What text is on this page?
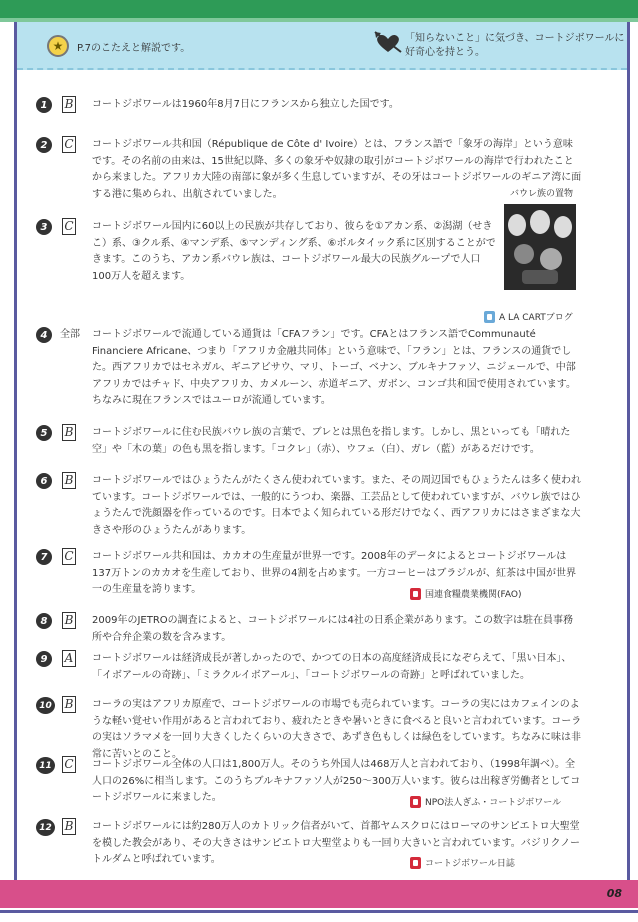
★	P.7のこたえと解説です。
「知らないこと」に気づき、コートジボワールに好奇心を持とう。
1	B コートジボワールは1960年8月7日にフランスから独立した国です。
2	C コートジボワール共和国（République de Côte d' Ivoire）とは、フランス語で「象牙の海岸」という意味です。その名前の由来は、15世紀以降、多くの象牙や奴隷の取引がコートジボワールの海岸で行われたことから来ました。アフリカ大陸の南部に象が多く生息していますが、その牙はコートジボワールのギニア湾に面する港に集められ、出航されていました。	バウレ族の置物
3	C コートジボワール国内に60以上の民族が共存しており、彼らを①アカン系、②潟湖（せきこ）系、③クル系、④マンデ系、⑤マンディング系、⑥ボルタイック系に区別することができます。このうち、アカン系バウレ族は、コートジボワール最大の民族グループで人口100万人を超えます。
A LA CARTブログ
4	全部 コートジボワールで流通している通貨は「CFAフラン」です。CFAとはフランス語でCommunauté Financiere Africane、つまり「アフリカ金融共同体」という意味で、「フラン」とは、フランスの通貨でした。西アフリカではセネガル、ギニアビサウ、マリ、トーゴ、ベナン、ブルキナファソ、ニジェールで、中部アフリカではチャド、中央アフリカ、カメルーン、赤道ギニア、ガボン、コンゴ共和国で使用されています。ちなみに現在フランスではユーロが流通しています。
5	B コートジボワールに住む民族バウレ族の言葉で、ブレとは黒色を指します。しかし、黒といっても「晴れた空」や「木の葉」の色も黒を指します。「コクレ」（赤）、ウフェ（白）、ガレ（藍）があるだけです。
6	B コートジボワールではひょうたんがたくさん使われています。また、その周辺国でもひょうたんは多く使われています。コートジボワールでは、一般的にうつわ、楽器、工芸品として使われていますが、バウレ族ではひょうたんで洗顔器を作っているのです。日本でよく知られている形だけでなく、西アフリカにはさまざまな大きさや形のひょうたんがあります。
7	C コートジボワール共和国は、カカオの生産量が世界一です。2008年のデータによるとコートジボワールは137万トンのカカオを生産しており、世界の4割を占めます。一方コーヒーはブラジルが、紅茶は中国が世界一の生産量を誇ります。	国連食糧農業機関(FAO)
8	B 2009年のJETROの調査によると、コートジボワールには4社の日系企業があります。この数字は駐在員事務所や合弁企業の数を含みます。
9	A コートジボワールは経済成長が著しかったので、かつての日本の高度経済成長になぞらえて、「黒い日本」、「イボアールの奇跡」、「ミラクルイボアール」、「コートジボワールの奇跡」と呼ばれていました。
10 B コーラの実はアフリカ原産で、コートジボワールの市場でも売られています。コーラの実にはカフェインのような軽い覚せい作用があると言われており、疲れたときや暑いときに食べると良いと言われています。コーラの実はソラマメを一回り大きくしたくらいの大きさで、あずき色もしくは緑色をしています。ちなみに味は非常に苦いとのこと。
11 C コートジボワール全体の人口は1,800万人。そのうち外国人は468万人と言われており、（1998年調べ）。全人口の26%に相当します。このうちブルキナファソ人が250～300万人います。彼らは出稼ぎ労働者としてコートジボワールに来ました。	NPO法人ぎふ・コートジボワール
12 B コートジボワールには約280万人のカトリック信者がいて、首都ヤムスクロにはローマのサンピエトロ大聖堂を模した教会があり、その大きさはサンピエトロ大聖堂よりも一回り大きいと言われています。バジリクノートルダムと呼ばれています。	コートジボワール日誌
08
